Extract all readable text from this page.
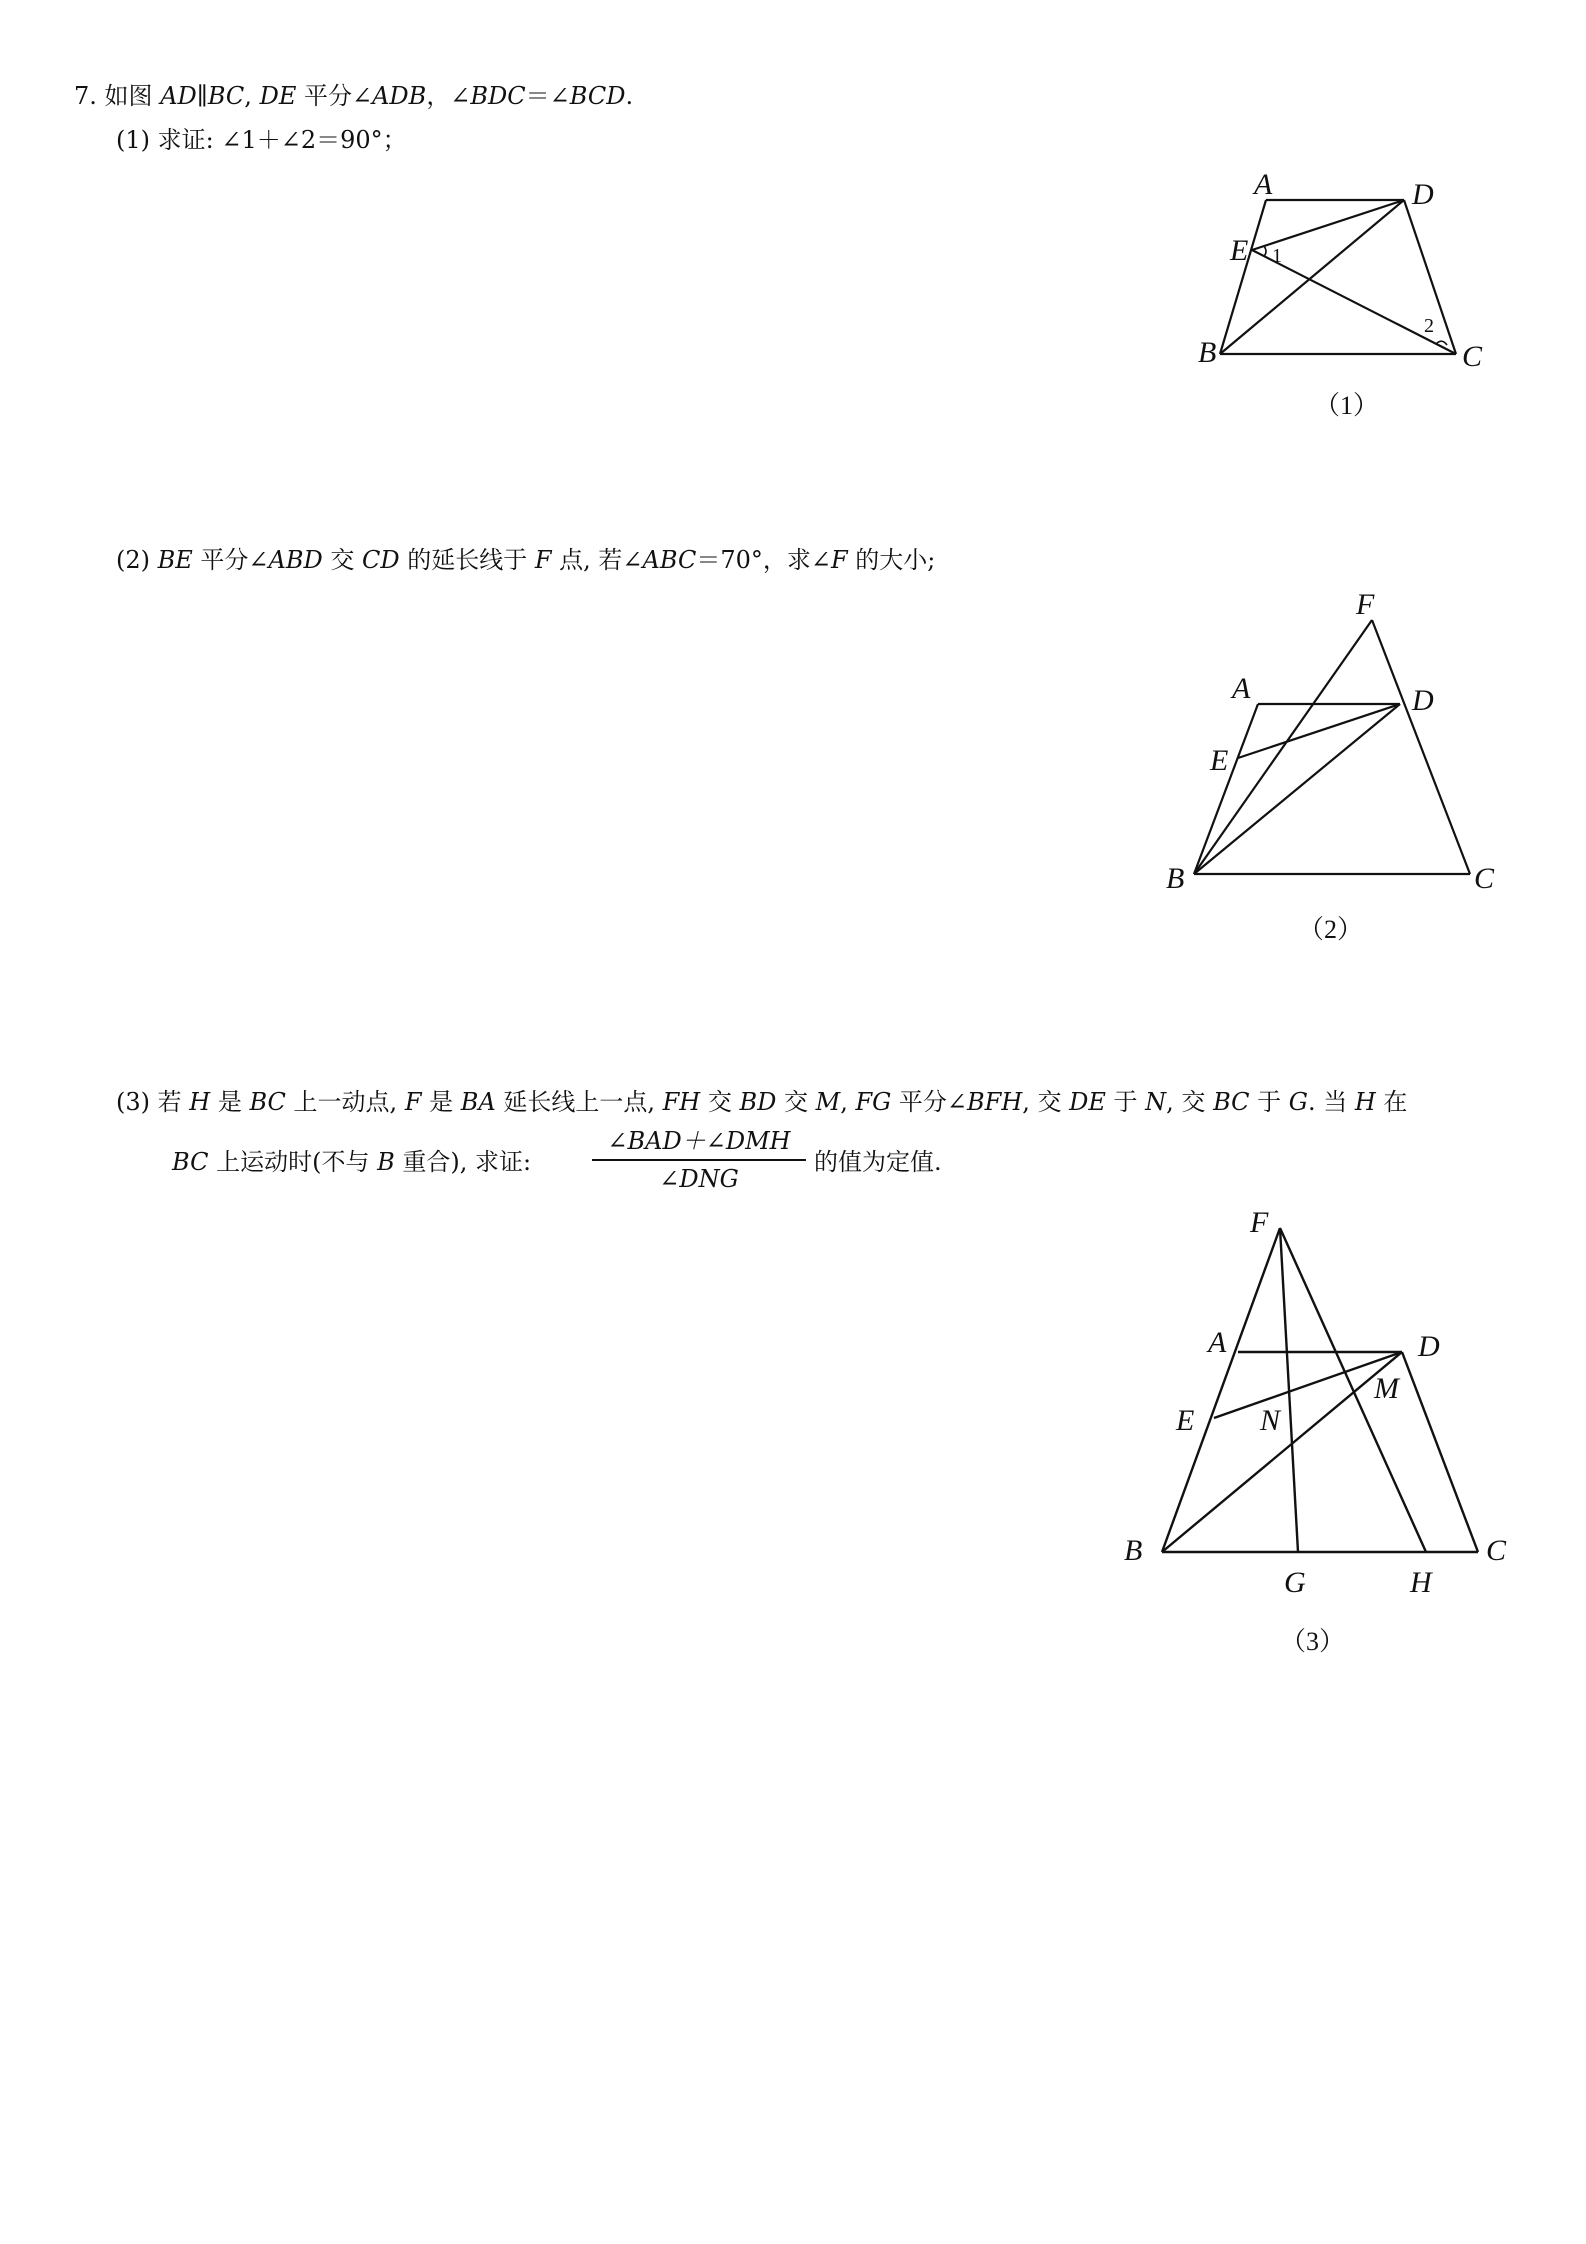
7. 如图 AD∥BC, DE 平分∠ADB，∠BDC＝∠BCD.
(1) 求证: ∠1＋∠2＝90°；
A	D
E
B	C
1
2
（1）
(2) BE 平分∠ABD 交 CD 的延长线于 F 点, 若∠ABC＝70°，求∠F 的大小;
F
A	D
E
B	C
（2）
(3) 若 H 是 BC 上一动点, F 是 BA 延长线上一点, FH 交 BD 交 M, FG 平分∠BFH, 交 DE 于 N, 交 BC 于 G. 当 H 在
BC 上运动时(不与 B 重合), 求证:
∠BAD＋∠DMH
∠DNG
的值为定值.
F
A	D
M
E N
B
G	H
C
（3）
